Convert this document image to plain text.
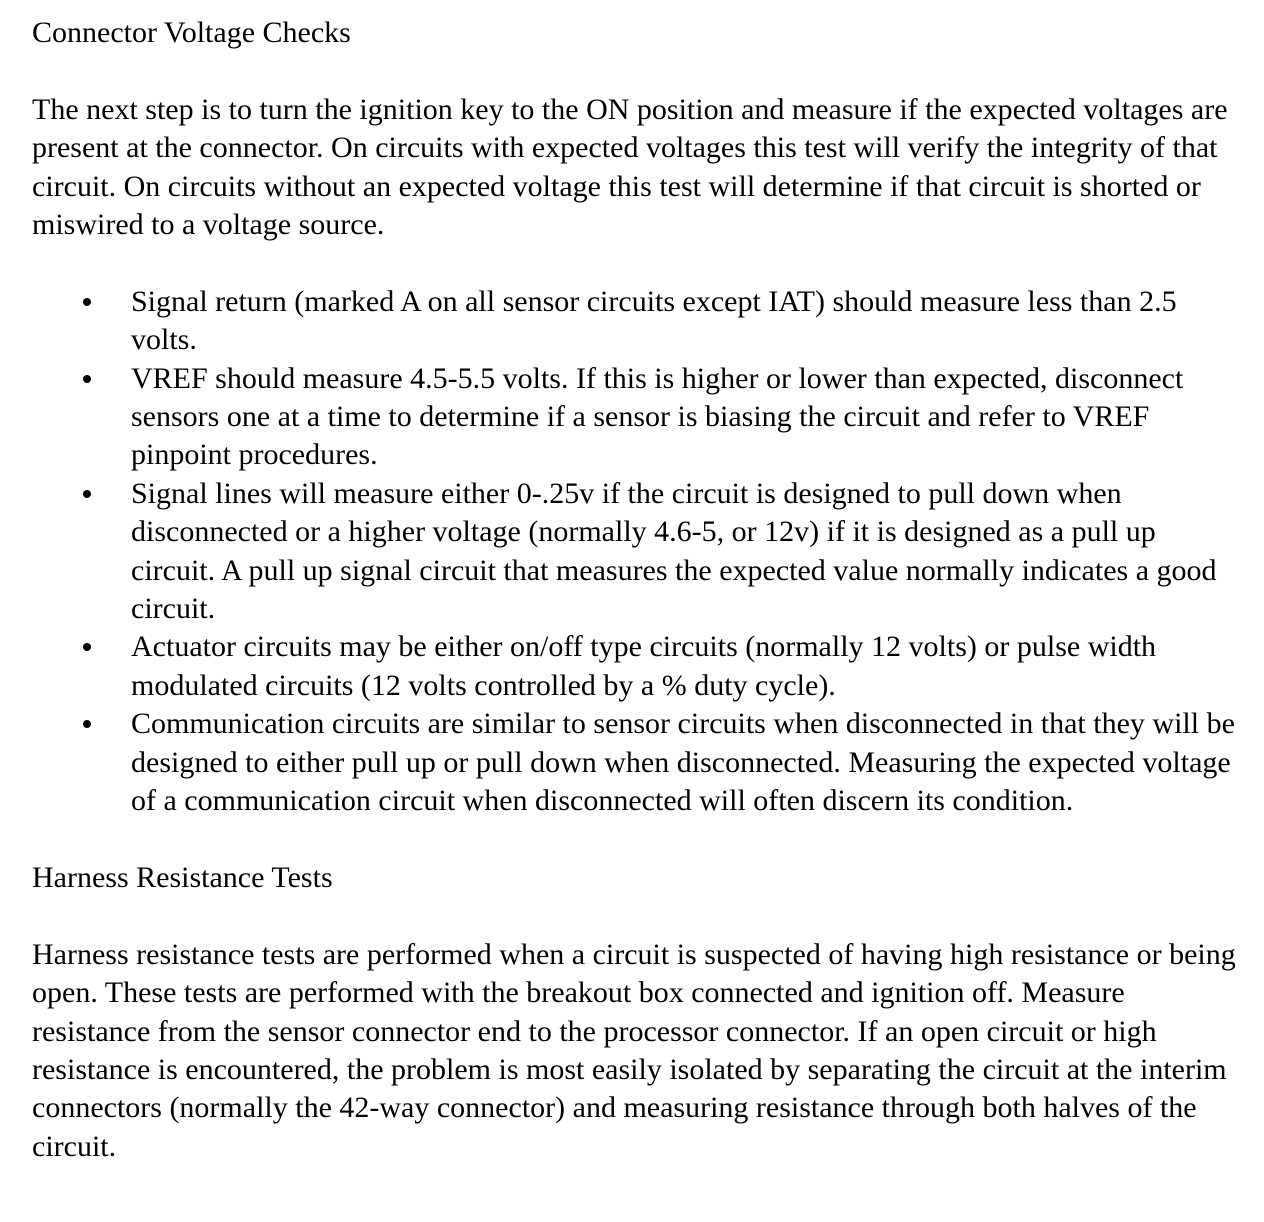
Connector Voltage Checks

The next step is to turn the ignition key to the ON position and measure if the expected voltages are present at the connector. On circuits with expected voltages this test will verify the integrity of that circuit. On circuits without an expected voltage this test will determine if that circuit is shorted or miswired to a voltage source.

Signal return (marked A on all sensor circuits except IAT) should measure less than 2.5 volts.
VREF should measure 4.5-5.5 volts. If this is higher or lower than expected, disconnect sensors one at a time to determine if a sensor is biasing the circuit and refer to VREF pinpoint procedures.
Signal lines will measure either 0-.25v if the circuit is designed to pull down when disconnected or a higher voltage (normally 4.6-5, or 12v) if it is designed as a pull up circuit. A pull up signal circuit that measures the expected value normally indicates a good circuit.
Actuator circuits may be either on/off type circuits (normally 12 volts) or pulse width modulated circuits (12 volts controlled by a % duty cycle).
Communication circuits are similar to sensor circuits when disconnected in that they will be designed to either pull up or pull down when disconnected. Measuring the expected voltage of a communication circuit when disconnected will often discern its condition.
Harness Resistance Tests

Harness resistance tests are performed when a circuit is suspected of having high resistance or being open. These tests are performed with the breakout box connected and ignition off. Measure resistance from the sensor connector end to the processor connector. If an open circuit or high resistance is encountered, the problem is most easily isolated by separating the circuit at the interim connectors (normally the 42-way connector) and measuring resistance through both halves of the circuit.
